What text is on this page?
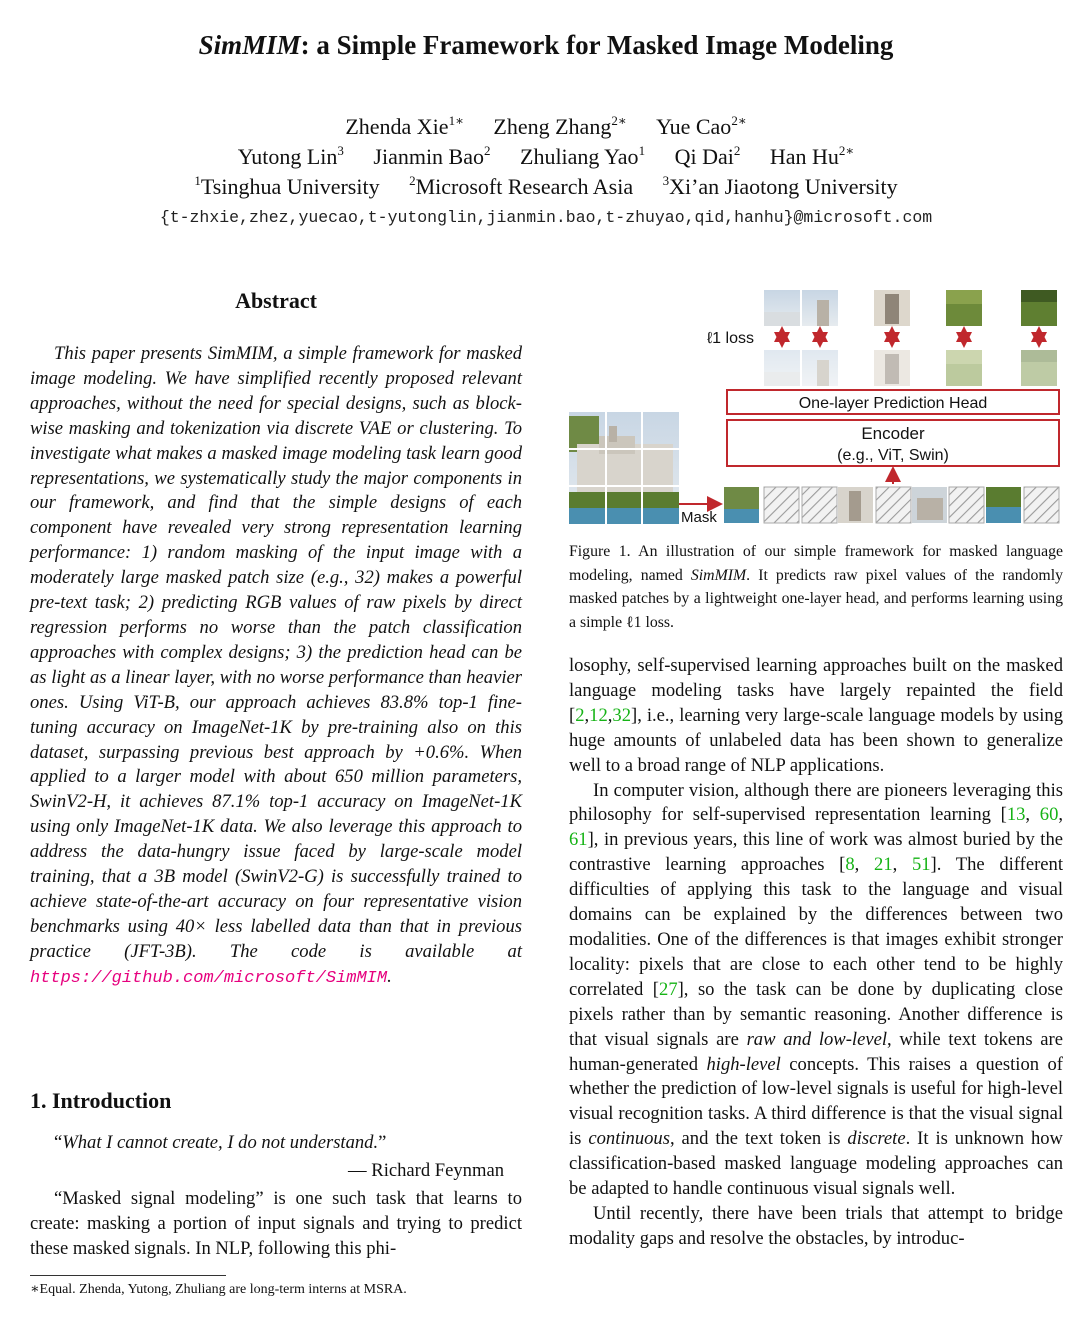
SimMIM: a Simple Framework for Masked Image Modeling
Zhenda Xie$^{1∗}$ Zheng Zhang$^{2∗}$ Yue Cao$^{2∗}$
Yutong Lin$^3$ Jianmin Bao$^2$ Zhuliang Yao$^1$ Qi Dai$^2$ Han $Hu^{2∗}$
$^1$Tsinghua University $^2$Microsoft Research Asia $^3$Xi’an Jiaotong University
{t-zhxie,zhez,yuecao,t-yutonglin,jianmin.bao,t-zhuyao,qid,hanhu}@microsoft.com
Abstract
This paper presents SimMIM, a simple framework for masked image modeling. We have simplified recently proposed relevant approaches, without the need for special designs, such as block-wise masking and tokenization via discrete VAE or clustering. To investigate what makes a masked image modeling task learn good representations, we systematically study the major components in our framework, and find that the simple designs of each component have revealed very strong representation learning performance: 1) random masking of the input image with a moderately large masked patch size (e.g., 32) makes a powerful pre-text task; 2) predicting RGB values of raw pixels by direct regression performs no worse than the patch classification approaches with complex designs; 3) the prediction head can be as light as a linear layer, with no worse performance than heavier ones. Using ViT-B, our approach achieves 83.8% top-1 fine-tuning accuracy on ImageNet-1K by pre-training also on this dataset, surpassing previous best approach by +0.6%. When applied to a larger model with about 650 million parameters, SwinV2-H, it achieves 87.1% top-1 accuracy on ImageNet-1K using only ImageNet-1K data. We also leverage this approach to address the data-hungry issue faced by large-scale model training, that a 3B model (SwinV2-G) is successfully trained to achieve state-of-the-art accuracy on four representative vision benchmarks using 40× less labelled data than that in previous practice (JFT-3B). The code is available at https://github.com/microsoft/SimMIM.
1. Introduction
“What I cannot create, I do not understand.”
— Richard Feynman
“Masked signal modeling” is one such task that learns to create: masking a portion of input signals and trying to predict these masked signals. In NLP, following this phi-
∗Equal. Zhenda, Yutong, Zhuliang are long-term interns at MSRA.
ℓ1 loss
One-layer Prediction Head
Encoder
(e.g., ViT, Swin)
Mask
Figure 1. An illustration of our simple framework for masked language modeling, named SimMIM. It predicts raw pixel values of the randomly masked patches by a lightweight one-layer head, and performs learning using a simple ℓ1 loss.

losophy, self-supervised learning approaches built on the masked language modeling tasks have largely repainted the field [2,12,32], i.e., learning very large-scale language models by using huge amounts of unlabeled data has been shown to generalize well to a broad range of NLP applications.

In computer vision, although there are pioneers leveraging this philosophy for self-supervised representation learning [13, 60, 61], in previous years, this line of work was almost buried by the contrastive learning approaches [8, 21, 51]. The different difficulties of applying this task to the language and visual domains can be explained by the differences between two modalities. One of the differences is that images exhibit stronger locality: pixels that are close to each other tend to be highly correlated [27], so the task can be done by duplicating close pixels rather than by semantic reasoning. Another difference is that visual signals are raw and low-level, while text tokens are human-generated high-level concepts. This raises a question of whether the prediction of low-level signals is useful for high-level visual recognition tasks. A third difference is that the visual signal is continuous, and the text token is discrete. It is unknown how classification-based masked language modeling approaches can be adapted to handle continuous visual signals well.

Until recently, there have been trials that attempt to bridge modality gaps and resolve the obstacles, by introduc-
